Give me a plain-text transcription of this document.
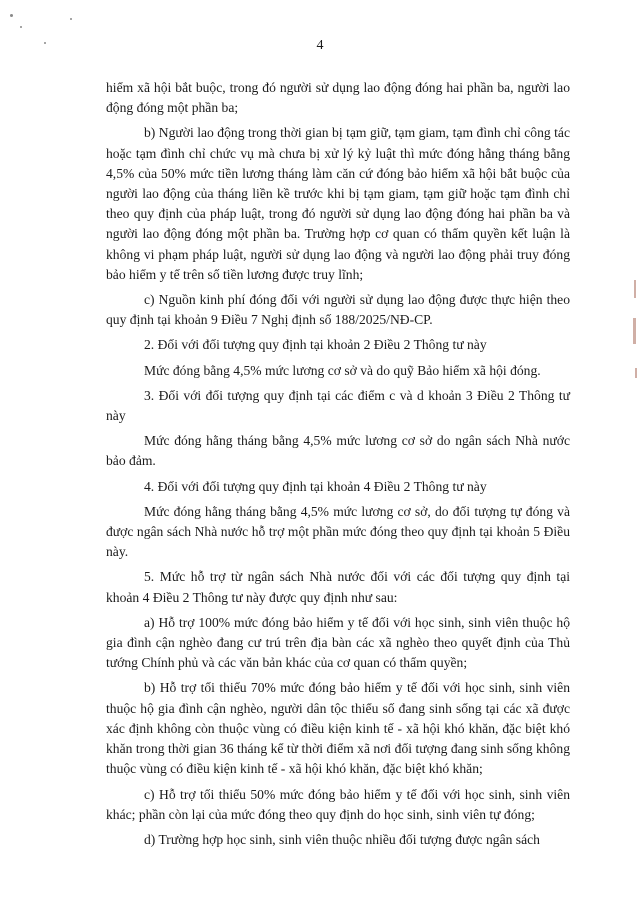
4

hiểm xã hội bắt buộc, trong đó người sử dụng lao động đóng hai phần ba, người lao động đóng một phần ba;

b) Người lao động trong thời gian bị tạm giữ, tạm giam, tạm đình chỉ công tác hoặc tạm đình chỉ chức vụ mà chưa bị xử lý kỷ luật thì mức đóng hằng tháng bằng 4,5% của 50% mức tiền lương tháng làm căn cứ đóng bảo hiểm xã hội bắt buộc của người lao động của tháng liền kề trước khi bị tạm giam, tạm giữ hoặc tạm đình chỉ theo quy định của pháp luật, trong đó người sử dụng lao động đóng hai phần ba và người lao động đóng một phần ba. Trường hợp cơ quan có thẩm quyền kết luận là không vi phạm pháp luật, người sử dụng lao động và người lao động phải truy đóng bảo hiểm y tế trên số tiền lương được truy lĩnh;

c) Nguồn kinh phí đóng đối với người sử dụng lao động được thực hiện theo quy định tại khoản 9 Điều 7 Nghị định số 188/2025/NĐ-CP.

2. Đối với đối tượng quy định tại khoản 2 Điều 2 Thông tư này

Mức đóng bằng 4,5% mức lương cơ sở và do quỹ Bảo hiểm xã hội đóng.

3. Đối với đối tượng quy định tại các điểm c và d khoản 3 Điều 2 Thông tư này

Mức đóng hằng tháng bằng 4,5% mức lương cơ sở do ngân sách Nhà nước bảo đảm.

4. Đối với đối tượng quy định tại khoản 4 Điều 2 Thông tư này

Mức đóng hằng tháng bằng 4,5% mức lương cơ sở, do đối tượng tự đóng và được ngân sách Nhà nước hỗ trợ một phần mức đóng theo quy định tại khoản 5 Điều này.

5. Mức hỗ trợ từ ngân sách Nhà nước đối với các đối tượng quy định tại khoản 4 Điều 2 Thông tư này được quy định như sau:

a) Hỗ trợ 100% mức đóng bảo hiểm y tế đối với học sinh, sinh viên thuộc hộ gia đình cận nghèo đang cư trú trên địa bàn các xã nghèo theo quyết định của Thủ tướng Chính phủ và các văn bản khác của cơ quan có thẩm quyền;

b) Hỗ trợ tối thiểu 70% mức đóng bảo hiểm y tế đối với học sinh, sinh viên thuộc hộ gia đình cận nghèo, người dân tộc thiểu số đang sinh sống tại các xã được xác định không còn thuộc vùng có điều kiện kinh tế - xã hội khó khăn, đặc biệt khó khăn trong thời gian 36 tháng kể từ thời điểm xã nơi đối tượng đang sinh sống không thuộc vùng có điều kiện kinh tế - xã hội khó khăn, đặc biệt khó khăn;

c) Hỗ trợ tối thiểu 50% mức đóng bảo hiểm y tế đối với học sinh, sinh viên khác; phần còn lại của mức đóng theo quy định do học sinh, sinh viên tự đóng;

d) Trường hợp học sinh, sinh viên thuộc nhiều đối tượng được ngân sách
